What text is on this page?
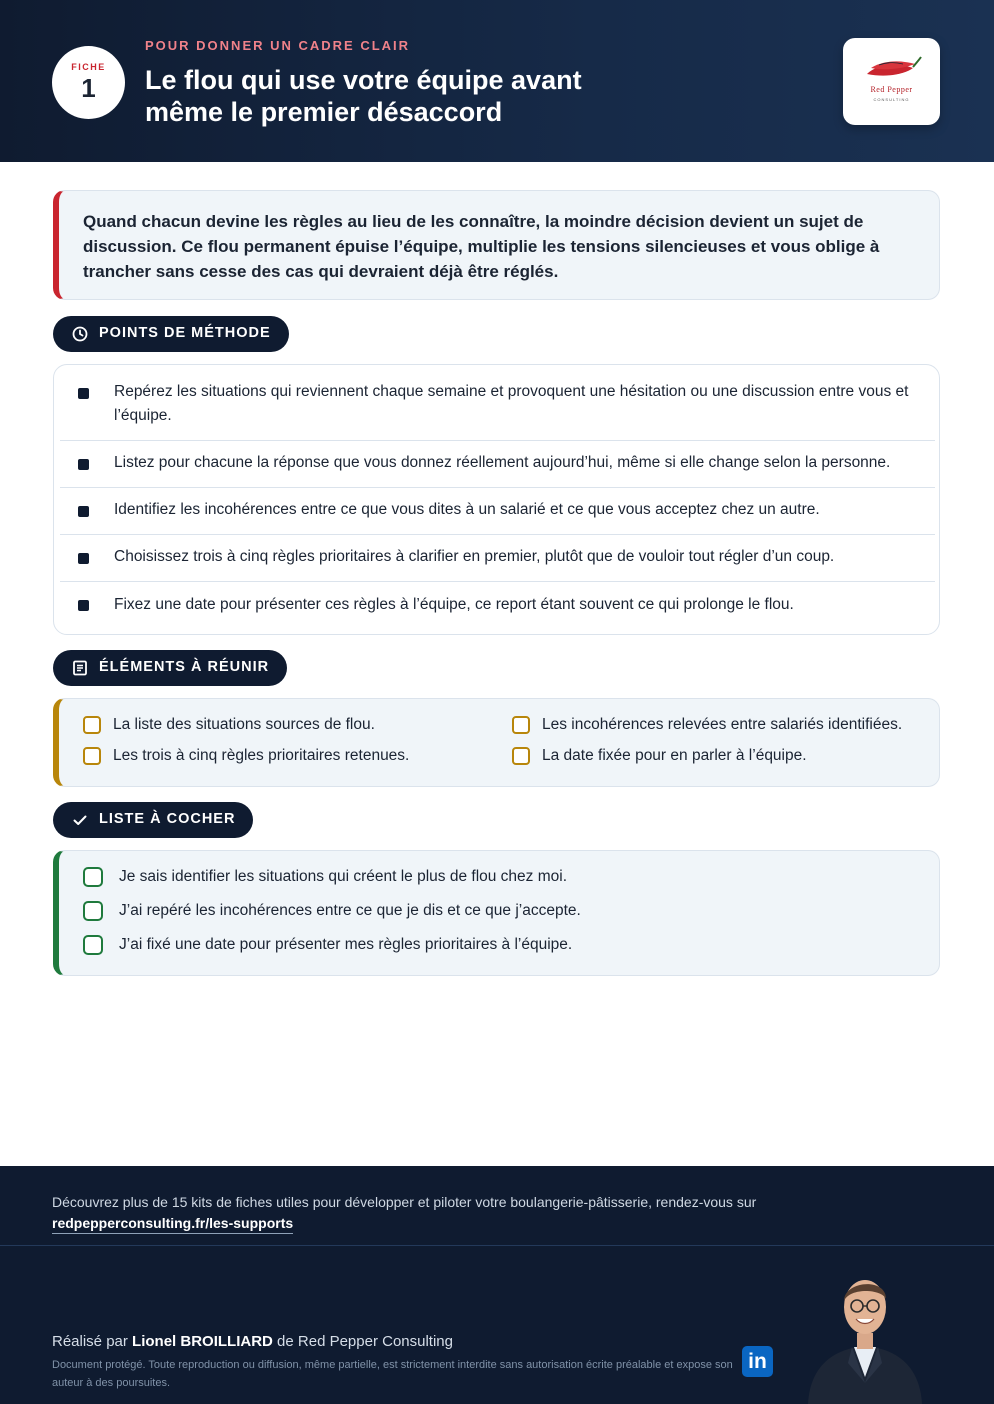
FICHE
1
POUR DONNER UN CADRE CLAIR
Le flou qui use votre équipe avant même le premier désaccord
Red Pepper
CONSULTING

Quand chacun devine les règles au lieu de les connaître, la moindre décision devient un sujet de discussion. Ce flou permanent épuise l’équipe, multiplie les tensions silencieuses et vous oblige à trancher sans cesse des cas qui devraient déjà être réglés.

POINTS DE MÉTHODE
Repérez les situations qui reviennent chaque semaine et provoquent une hésitation ou une discussion entre vous et l’équipe.
Listez pour chacune la réponse que vous donnez réellement aujourd’hui, même si elle change selon la personne.
Identifiez les incohérences entre ce que vous dites à un salarié et ce que vous acceptez chez un autre.
Choisissez trois à cinq règles prioritaires à clarifier en premier, plutôt que de vouloir tout régler d’un coup.
Fixez une date pour présenter ces règles à l’équipe, ce report étant souvent ce qui prolonge le flou.
ÉLÉMENTS À RÉUNIR
La liste des situations sources de flou.	Les incohérences relevées entre salariés identifiées.
Les trois à cinq règles prioritaires retenues.	La date fixée pour en parler à l’équipe.
LISTE À COCHER
Je sais identifier les situations qui créent le plus de flou chez moi.
J’ai repéré les incohérences entre ce que je dis et ce que j’accepte.
J’ai fixé une date pour présenter mes règles prioritaires à l’équipe.
Découvrez plus de 15 kits de fiches utiles pour développer et piloter votre boulangerie-pâtisserie, rendez-vous sur
redpepperconsulting.fr/les-supports
Réalisé par Lionel BROILLIARD de Red Pepper Consulting
Document protégé. Toute reproduction ou diffusion, même partielle, est strictement interdite sans autorisation écrite préalable et expose son auteur à des poursuites.
in
